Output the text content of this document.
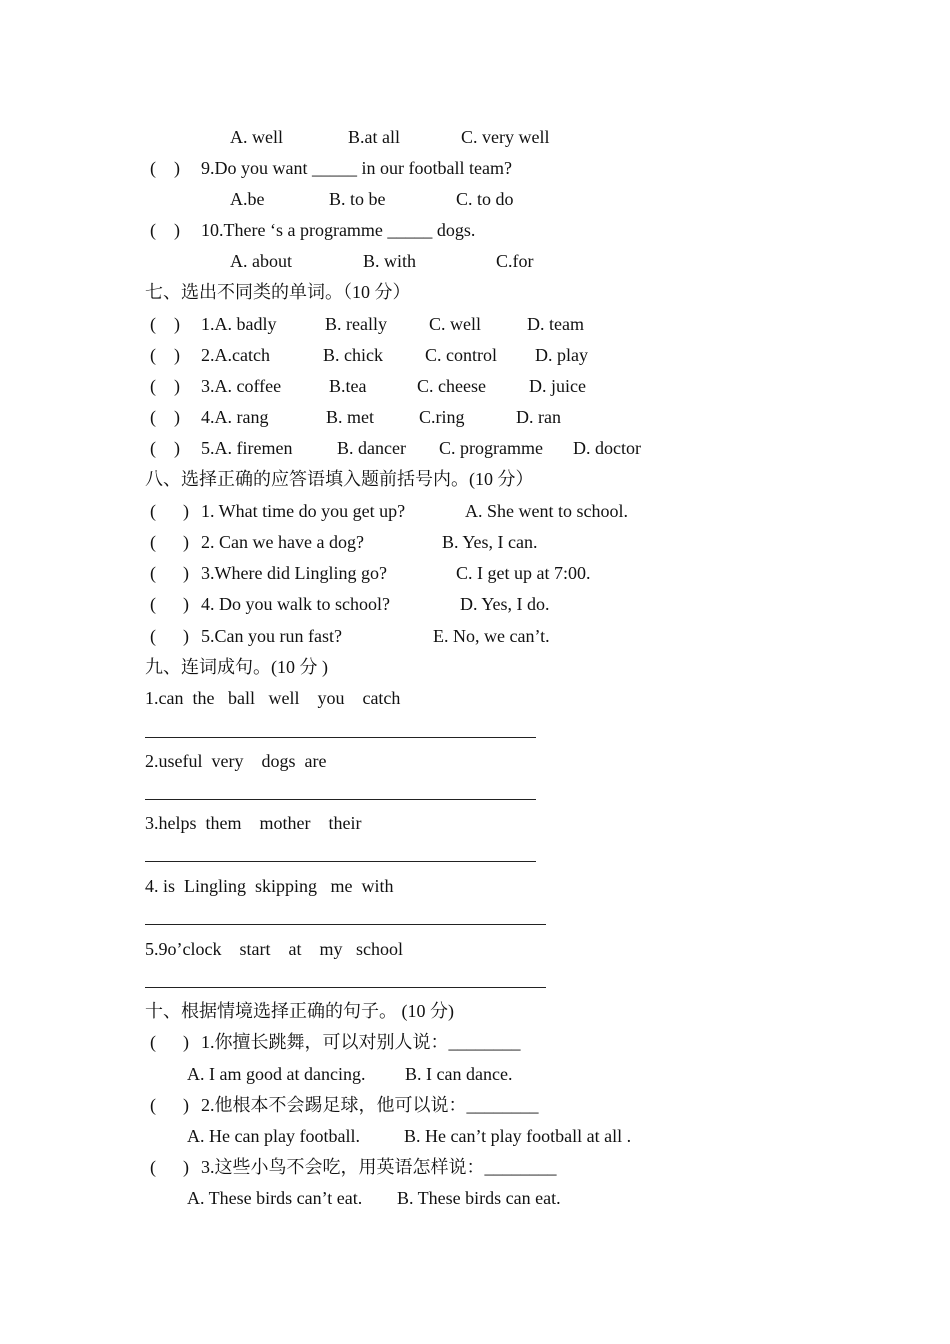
A. well	B.at all	C. very well
(    ) 9.Do you want _____ in our football team?
A.be	B. to be	C. to do
(    ) 10.There ‘s a programme _____ dogs.
A. about	B. with	C.for
七、选出不同类的单词。（10 分）
(    ) 1.A. badly	B. really C. well	D. team
(    ) 2.A.catch	B. chick C. control D. play
(    ) 3.A. coffee	B.tea	C. cheese D. juice
(    ) 4.A. rang	B. met	C.ring	D. ran
(    ) 5.A. firemen B. dancer C. programme D. doctor
八、选择正确的应答语填入题前括号内。(10 分）
(      ) 1. What time do you get up?	A. She went to school.
(      ) 2. Can we have a dog?	B. Yes, I can.
(      ) 3.Where did Lingling go?	C. I get up at 7:00.
(      ) 4. Do you walk to school?	D. Yes, I do.
(      ) 5.Can you run fast?	E. No, we can’t.
九、连词成句。(10 分 )
1.can  the   ball   well    you    catch
2.useful  very    dogs  are
3.helps  them    mother    their
4. is  Lingling  skipping   me  with
5.9o’clock    start    at    my   school
十、根据情境选择正确的句子。 (10 分)
(      ) 1.你擅长跳舞，可以对别人说：________
A. I am good at dancing. B. I can dance.
(      ) 2.他根本不会踢足球，他可以说：________
A. He can play football. B. He can’t play football at all .
(      ) 3.这些小鸟不会吃，用英语怎样说：________
A. These birds can’t eat. B. These birds can eat.
